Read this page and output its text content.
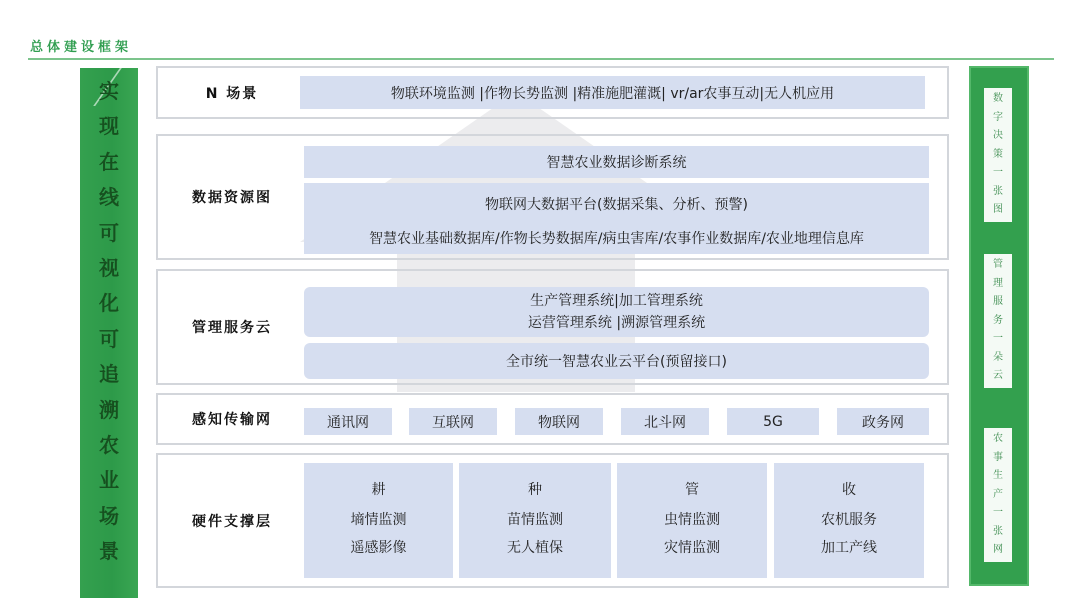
总体建设框架
实
现
在
线
可
视
化
可
追
溯
农
业
场
景
数
字
决
策
一
张
图
管
理
服
务
一
朵
云
农
事
生
产
一
张
网
N 场景	物联环境监测 |作物长势监测 |精准施肥灌溉| vr/ar农事互动|无人机应用
数据资源图
智慧农业数据诊断系统
物联网大数据平台(数据采集、分析、预警)
智慧农业基础数据库/作物长势数据库/病虫害库/农事作业数据库/农业地理信息库
管理服务云
生产管理系统|加工管理系统
运营管理系统 |溯源管理系统
全市统一智慧农业云平台(预留接口)
感知传输网	通讯网	互联网	物联网	北斗网	5G	政务网
硬件支撑层
耕
墒情监测
遥感影像
种
苗情监测
无人植保
管
虫情监测
灾情监测
收
农机服务
加工产线
